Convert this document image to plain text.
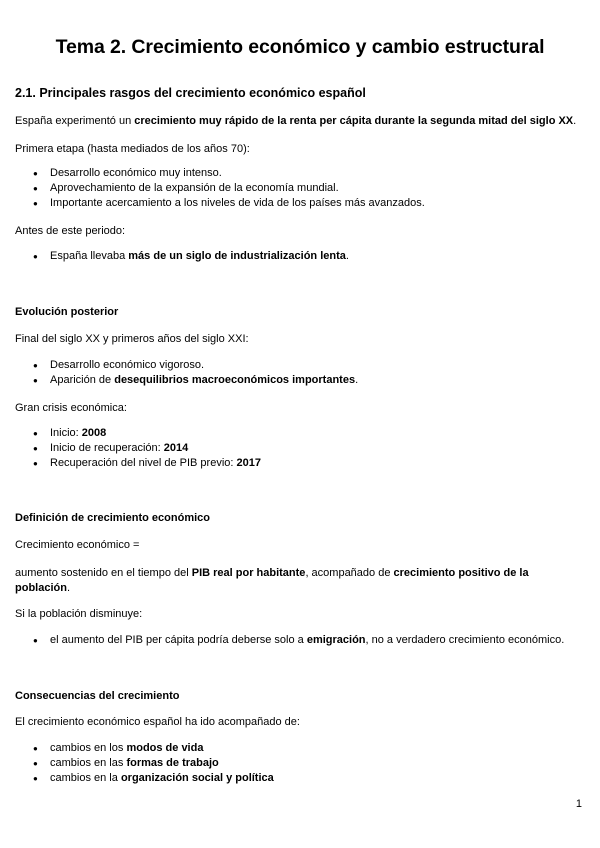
Tema 2. Crecimiento económico y cambio estructural
2.1. Principales rasgos del crecimiento económico español

España experimentó un crecimiento muy rápido de la renta per cápita durante la segunda mitad del siglo XX.

Primera etapa (hasta mediados de los años 70):

● Desarrollo económico muy intenso.
● Aprovechamiento de la expansión de la economía mundial.
● Importante acercamiento a los niveles de vida de los países más avanzados.

Antes de este periodo:

● España llevaba más de un siglo de industrialización lenta.

Evolución posterior

Final del siglo XX y primeros años del siglo XXI:

● Desarrollo económico vigoroso.
● Aparición de desequilibrios macroeconómicos importantes.

Gran crisis económica:

● Inicio: 2008
● Inicio de recuperación: 2014
● Recuperación del nivel de PIB previo: 2017

Definición de crecimiento económico

Crecimiento económico =

aumento sostenido en el tiempo del PIB real por habitante, acompañado de crecimiento positivo de la población.

Si la población disminuye:

● el aumento del PIB per cápita podría deberse solo a emigración, no a verdadero crecimiento económico.

Consecuencias del crecimiento

El crecimiento económico español ha ido acompañado de:

● cambios en los modos de vida
● cambios en las formas de trabajo
● cambios en la organización social y política
1
